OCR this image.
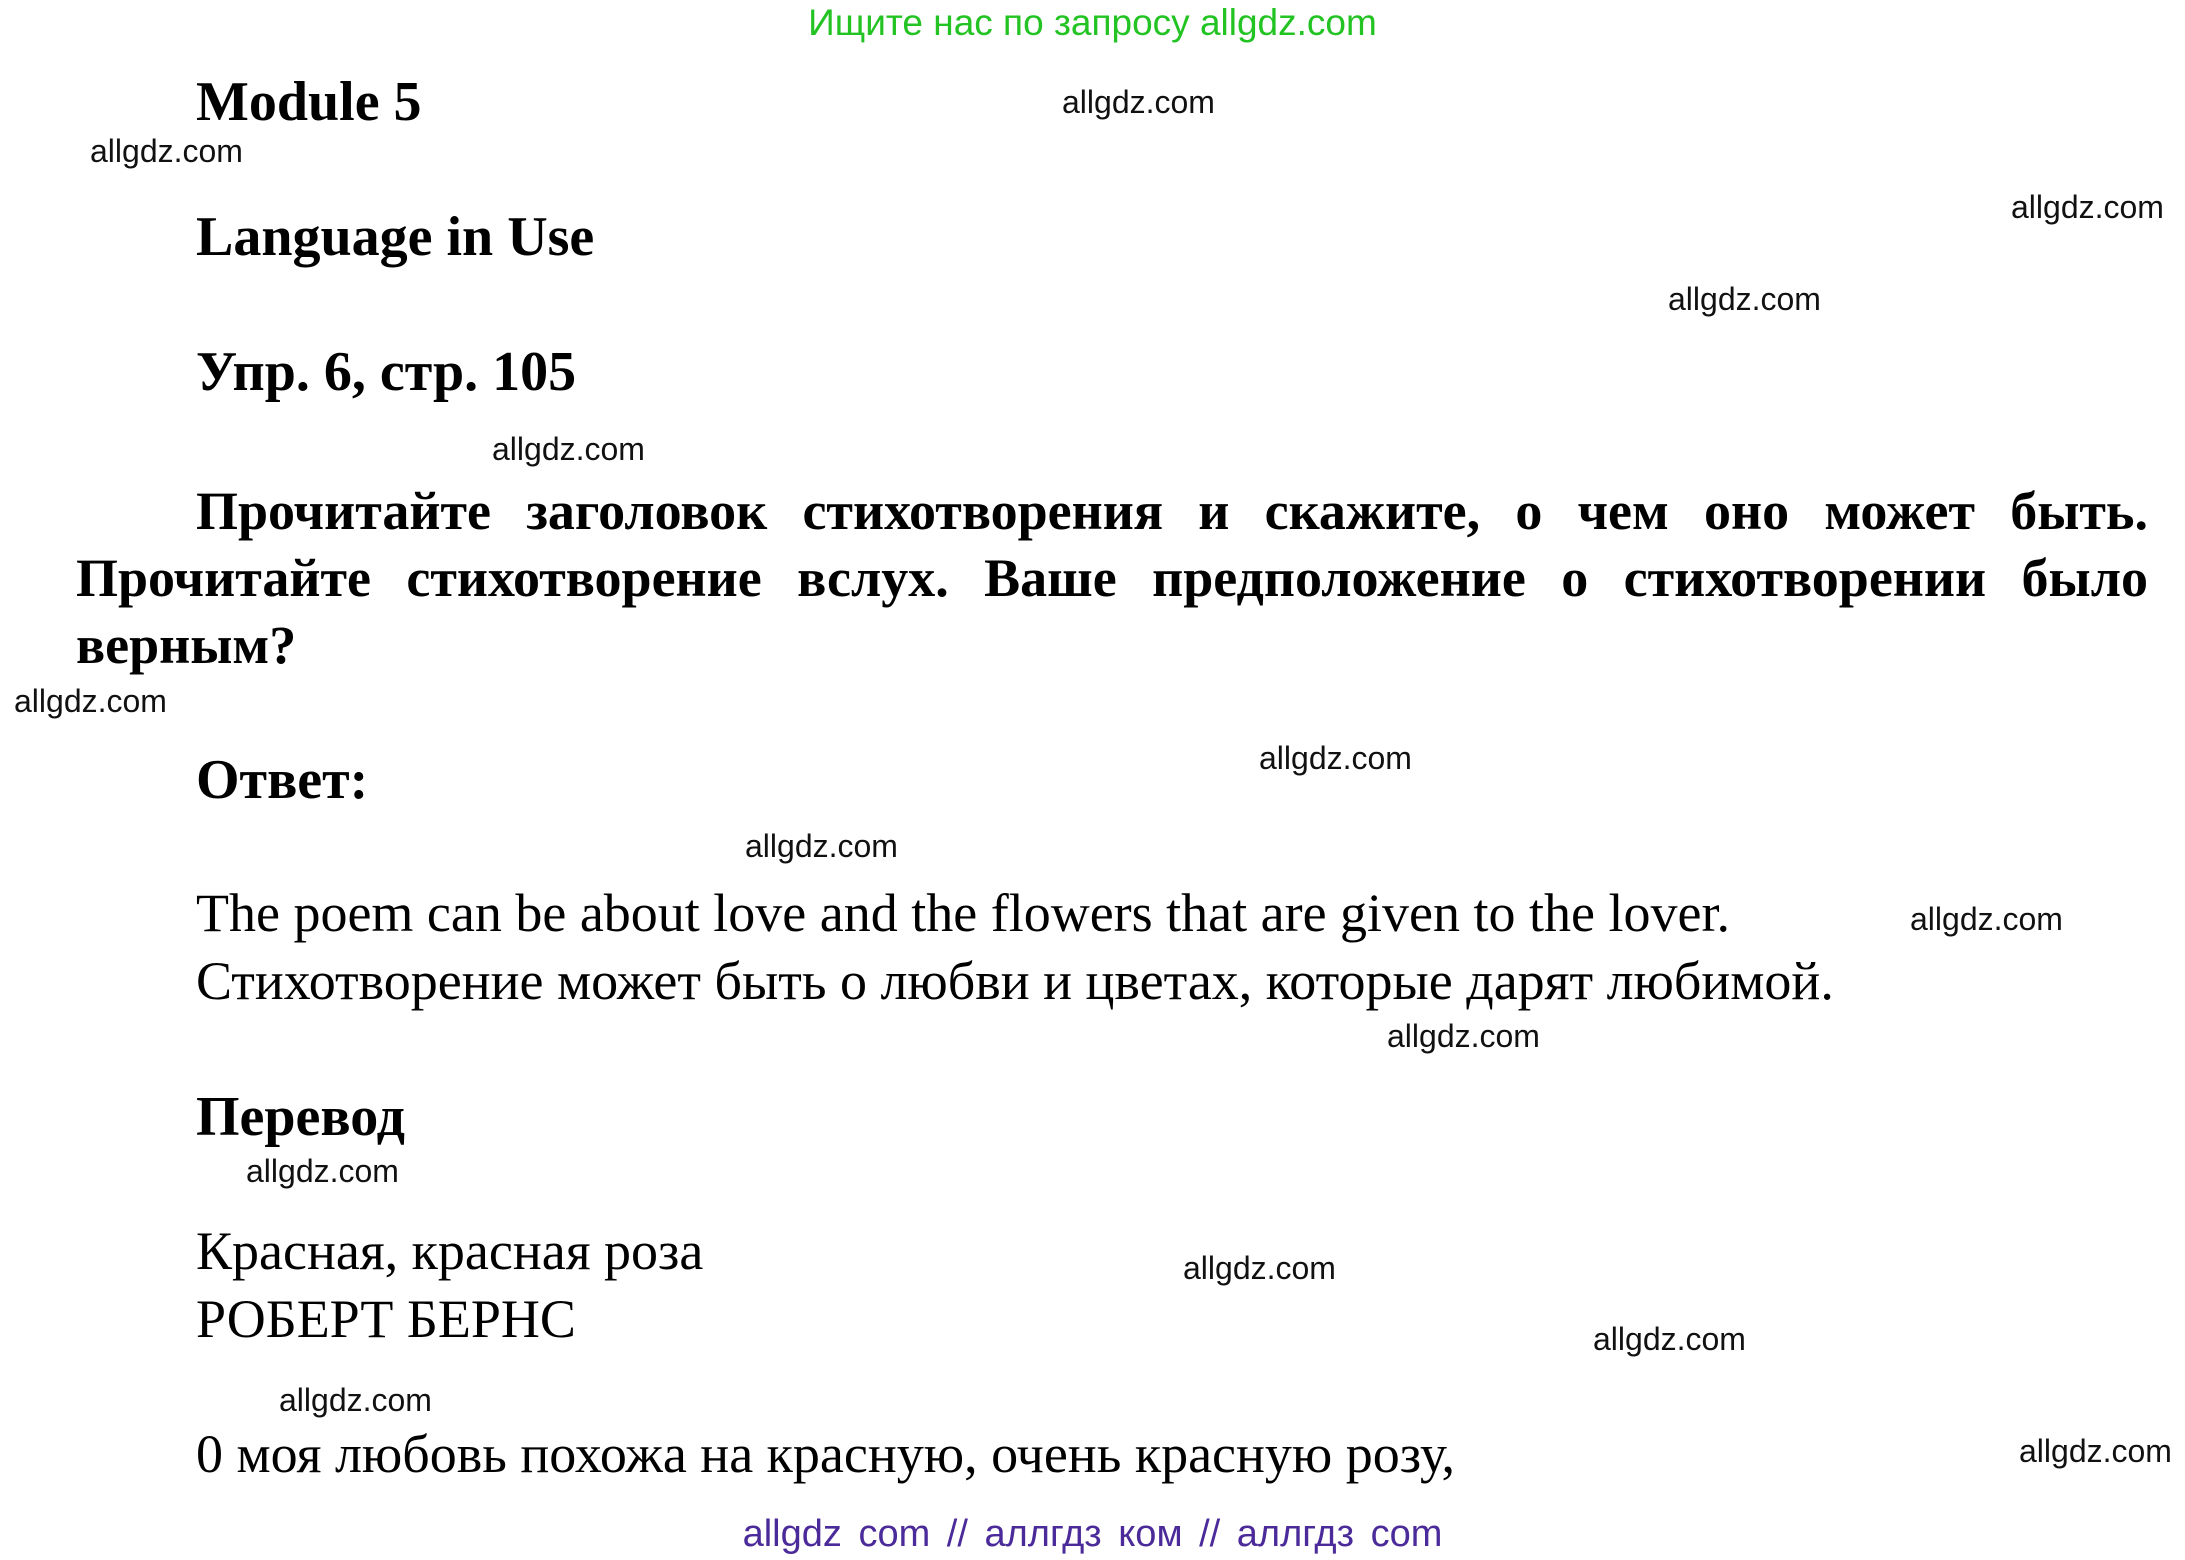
Ищите нас по запросу allgdz.com
Module 5
Language in Use
Упр. 6, стр. 105
Прочитайте заголовок стихотворения и скажите, о чем оно может быть. Прочитайте стихотворение вслух. Ваше предположение о стихотворении было верным?
Ответ:
The poem can be about love and the flowers that are given to the lover.
Стихотворение может быть о любви и цветах, которые дарят любимой.
Перевод
Красная, красная роза
РОБЕРТ БЕРНС
0 моя любовь похожа на красную, очень красную розу,
allgdz.com
allgdz.com
allgdz.com
allgdz.com
allgdz.com
allgdz.com
allgdz.com
allgdz.com
allgdz.com
allgdz.com
allgdz.com
allgdz.com
allgdz.com
allgdz.com
allgdz.com
allgdz com // аллгдз ком // аллгдз com
